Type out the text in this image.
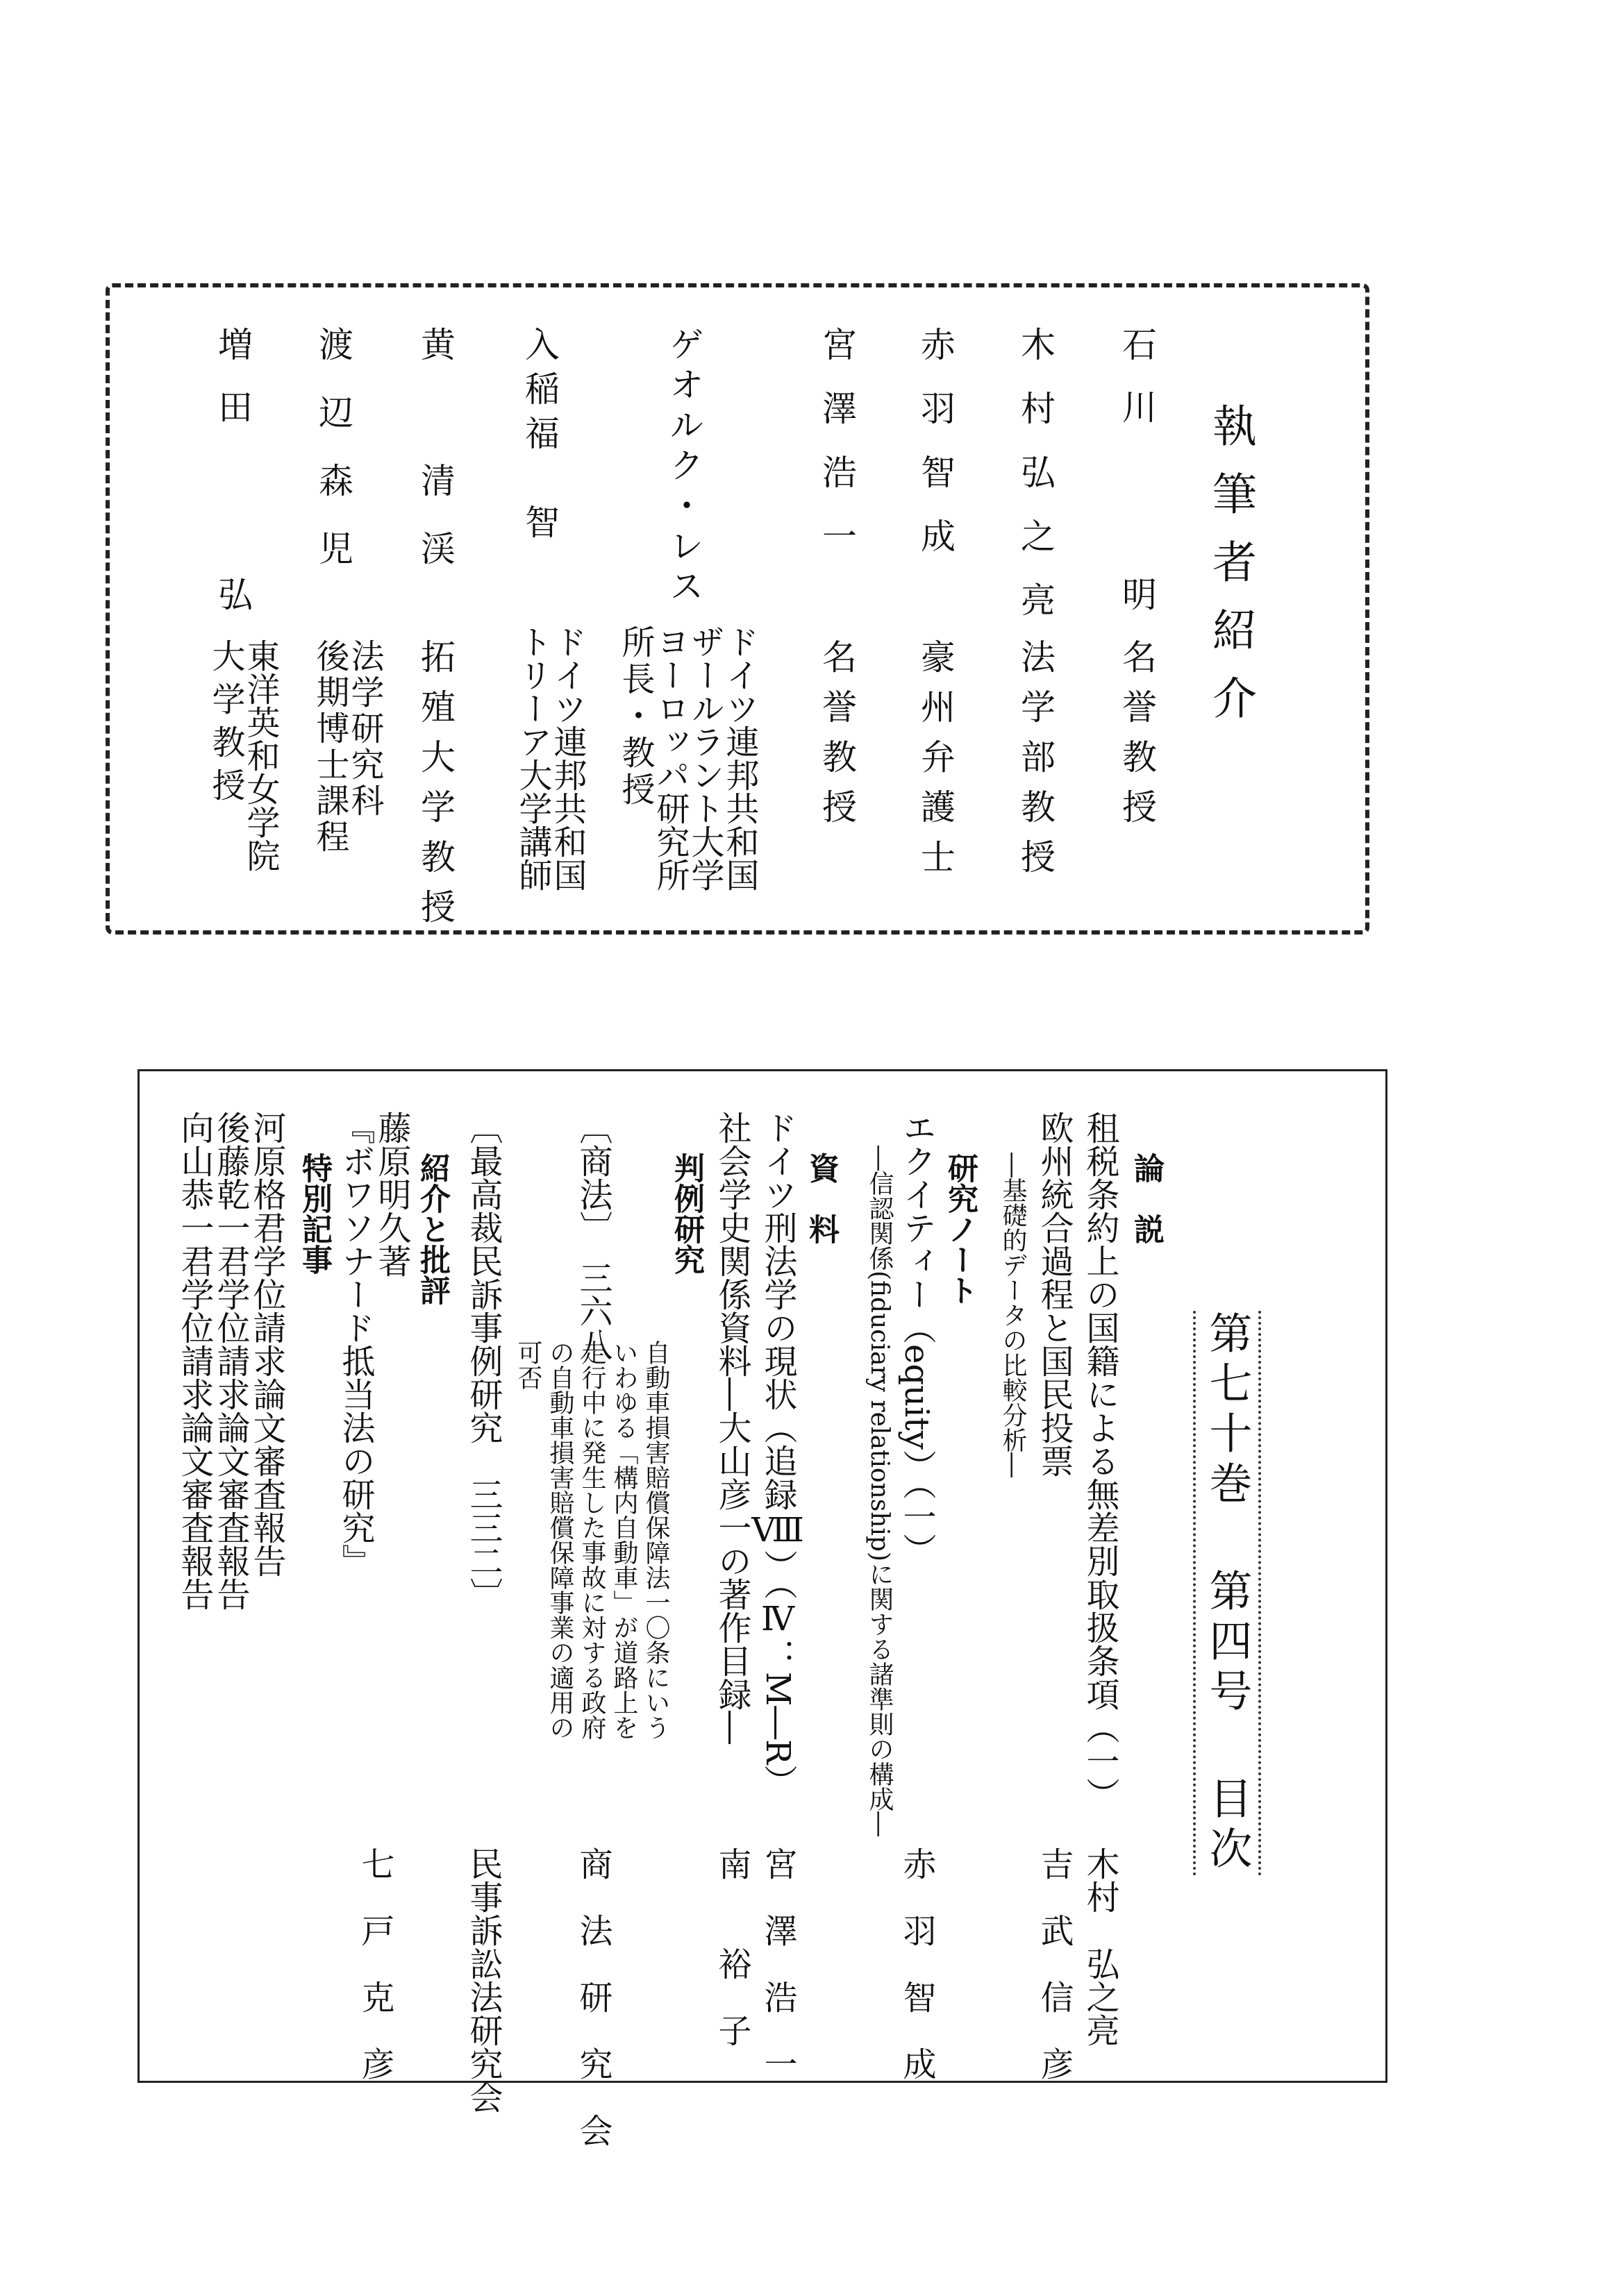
執筆者紹介
石川　　明
名誉教授
木村弘之亮
法学部教授
赤羽智成
豪州弁護士
宮澤浩一
名誉教授
ゲオルク・レス
ドイツ連邦共和国
ザールラント大学
ヨーロッパ研究所
所長・教授
入稲福　智
ドイツ連邦共和国
トリーア大学講師
黄　清渓
拓殖大学教授
渡辺森児
法学研究科
後期博士課程
増田　　弘
東洋英和女学院
大学教授
第七十巻 第四号 目次
論　説
租税条約上の国籍による無差別取扱条項（一）
木村　弘之亮
欧州統合過程と国民投票
吉　武　信　彦
―基礎的データの比較分析―
研究ノート
エクイティー（equity）（一）
赤　羽　智　成
―信認関係(fiduciary relationship)に関する諸準則の構成―
資　料
ドイツ刑法学の現状（追録Ⅷ）（Ⅳ：M―R）
宮　澤　浩　一
社会学史関係資料―大山彦一の著作目録―
南　　裕　子
判例研究
〔商法〕　三六八
商　法　研　究　会
自動車損害賠償保障法一〇条にいう
いわゆる「構内自動車」が道路上を
走行中に発生した事故に対する政府
の自動車損害賠償保障事業の適用の
可否
〔最高裁民訴事例研究　三三二〕
民事訴訟法研究会
紹介と批評
藤原明久著
七　戸　克　彦
『ボワソナード抵当法の研究』
特別記事
河原格君学位請求論文審査報告
後藤乾一君学位請求論文審査報告
向山恭一君学位請求論文審査報告
